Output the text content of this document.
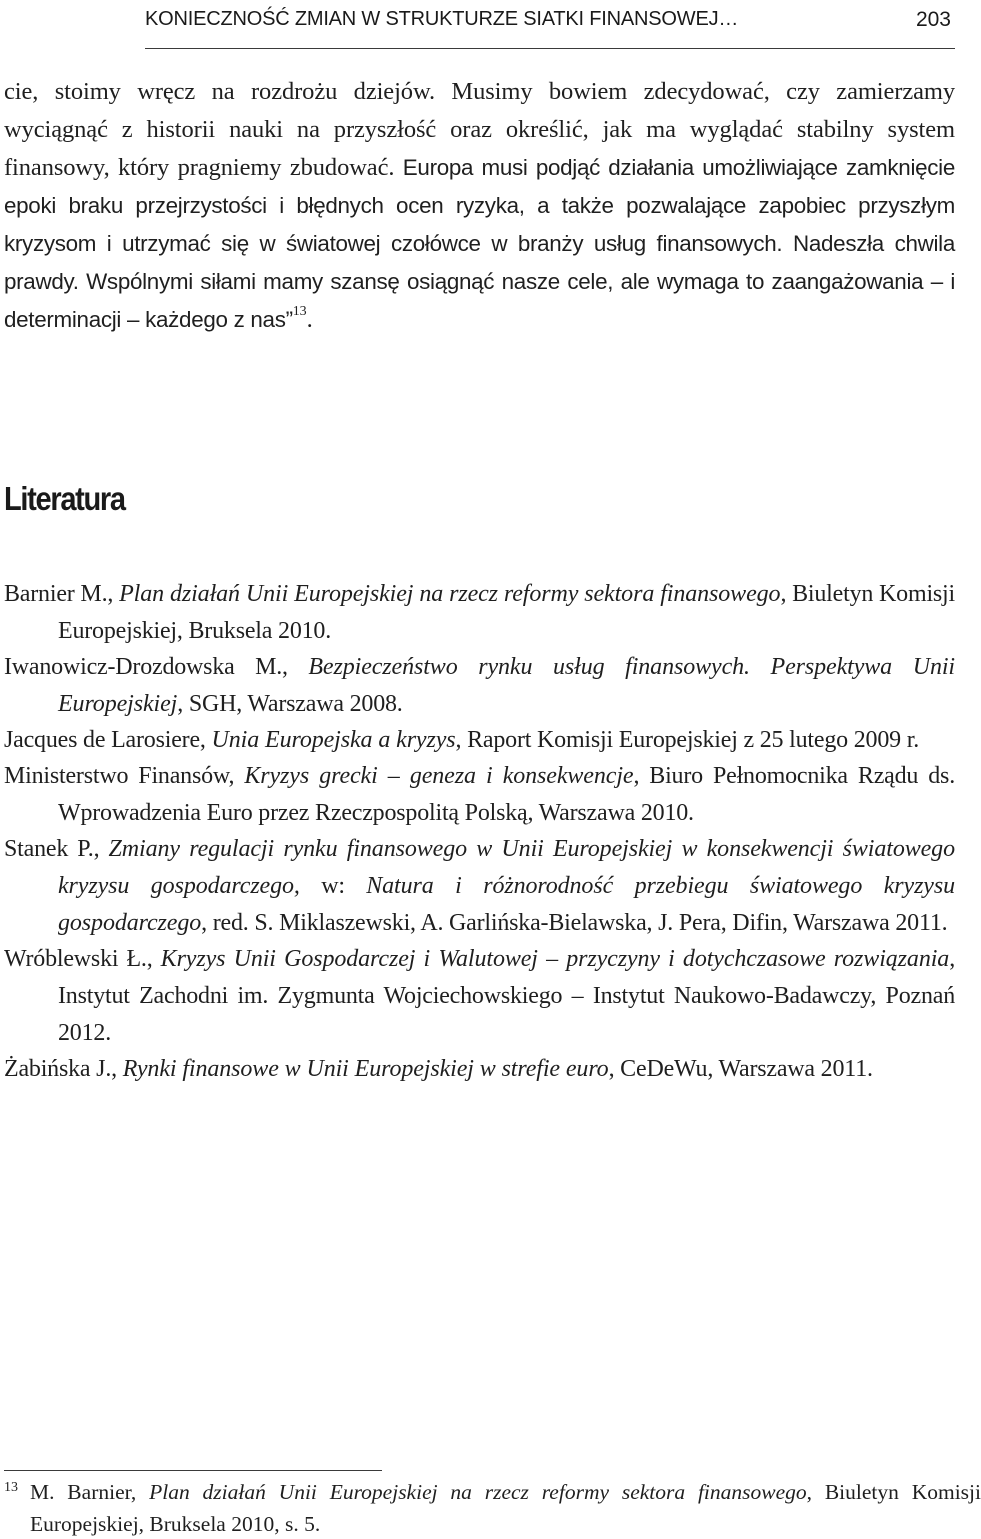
KONIECZNOŚĆ ZMIAN W STRUKTURZE SIATKI FINANSOWEJ…	203

cie, stoimy wręcz na rozdrożu dziejów. Musimy bowiem zdecydować, czy zamierzamy wyciągnąć z historii nauki na przyszłość oraz określić, jak ma wyglądać stabilny system finansowy, który pragniemy zbudować. Europa musi podjąć działania umożliwiające zamknięcie epoki braku przejrzystości i błędnych ocen ryzyka, a także pozwalające zapobiec przyszłym kryzysom i utrzymać się w światowej czołówce w branży usług finansowych. Nadeszła chwila prawdy. Wspólnymi siłami mamy szansę osiągnąć nasze cele, ale wymaga to zaangażowania – i determinacji – każdego z nas”$^{13}$.

Literatura

Barnier M., Plan działań Unii Europejskiej na rzecz reformy sektora finansowego, Biuletyn Komisji Europejskiej, Bruksela 2010.

Iwanowicz-Drozdowska M., Bezpieczeństwo rynku usług finansowych. Perspektywa Unii Europejskiej, SGH, Warszawa 2008.

Jacques de Larosiere, Unia Europejska a kryzys, Raport Komisji Europejskiej z 25 lutego 2009 r.

Ministerstwo Finansów, Kryzys grecki – geneza i konsekwencje, Biuro Pełnomocnika Rządu ds. Wprowadzenia Euro przez Rzeczpospolitą Polską, Warszawa 2010.

Stanek P., Zmiany regulacji rynku finansowego w Unii Europejskiej w konsekwencji światowego kryzysu gospodarczego, w: Natura i różnorodność przebiegu światowego kryzysu gospodarczego, red. S. Miklaszewski, A. Garlińska-Bielawska, J. Pera, Difin, Warszawa 2011.

Wróblewski Ł., Kryzys Unii Gospodarczej i Walutowej – przyczyny i dotychczasowe rozwiązania, Instytut Zachodni im. Zygmunta Wojciechowskiego – Instytut Naukowo-Badawczy, Poznań 2012.

Żabińska J., Rynki finansowe w Unii Europejskiej w strefie euro, CeDeWu, Warszawa 2011.

13 M. Barnier, Plan działań Unii Europejskiej na rzecz reformy sektora finansowego, Biuletyn Komisji Europejskiej, Bruksela 2010, s. 5.
